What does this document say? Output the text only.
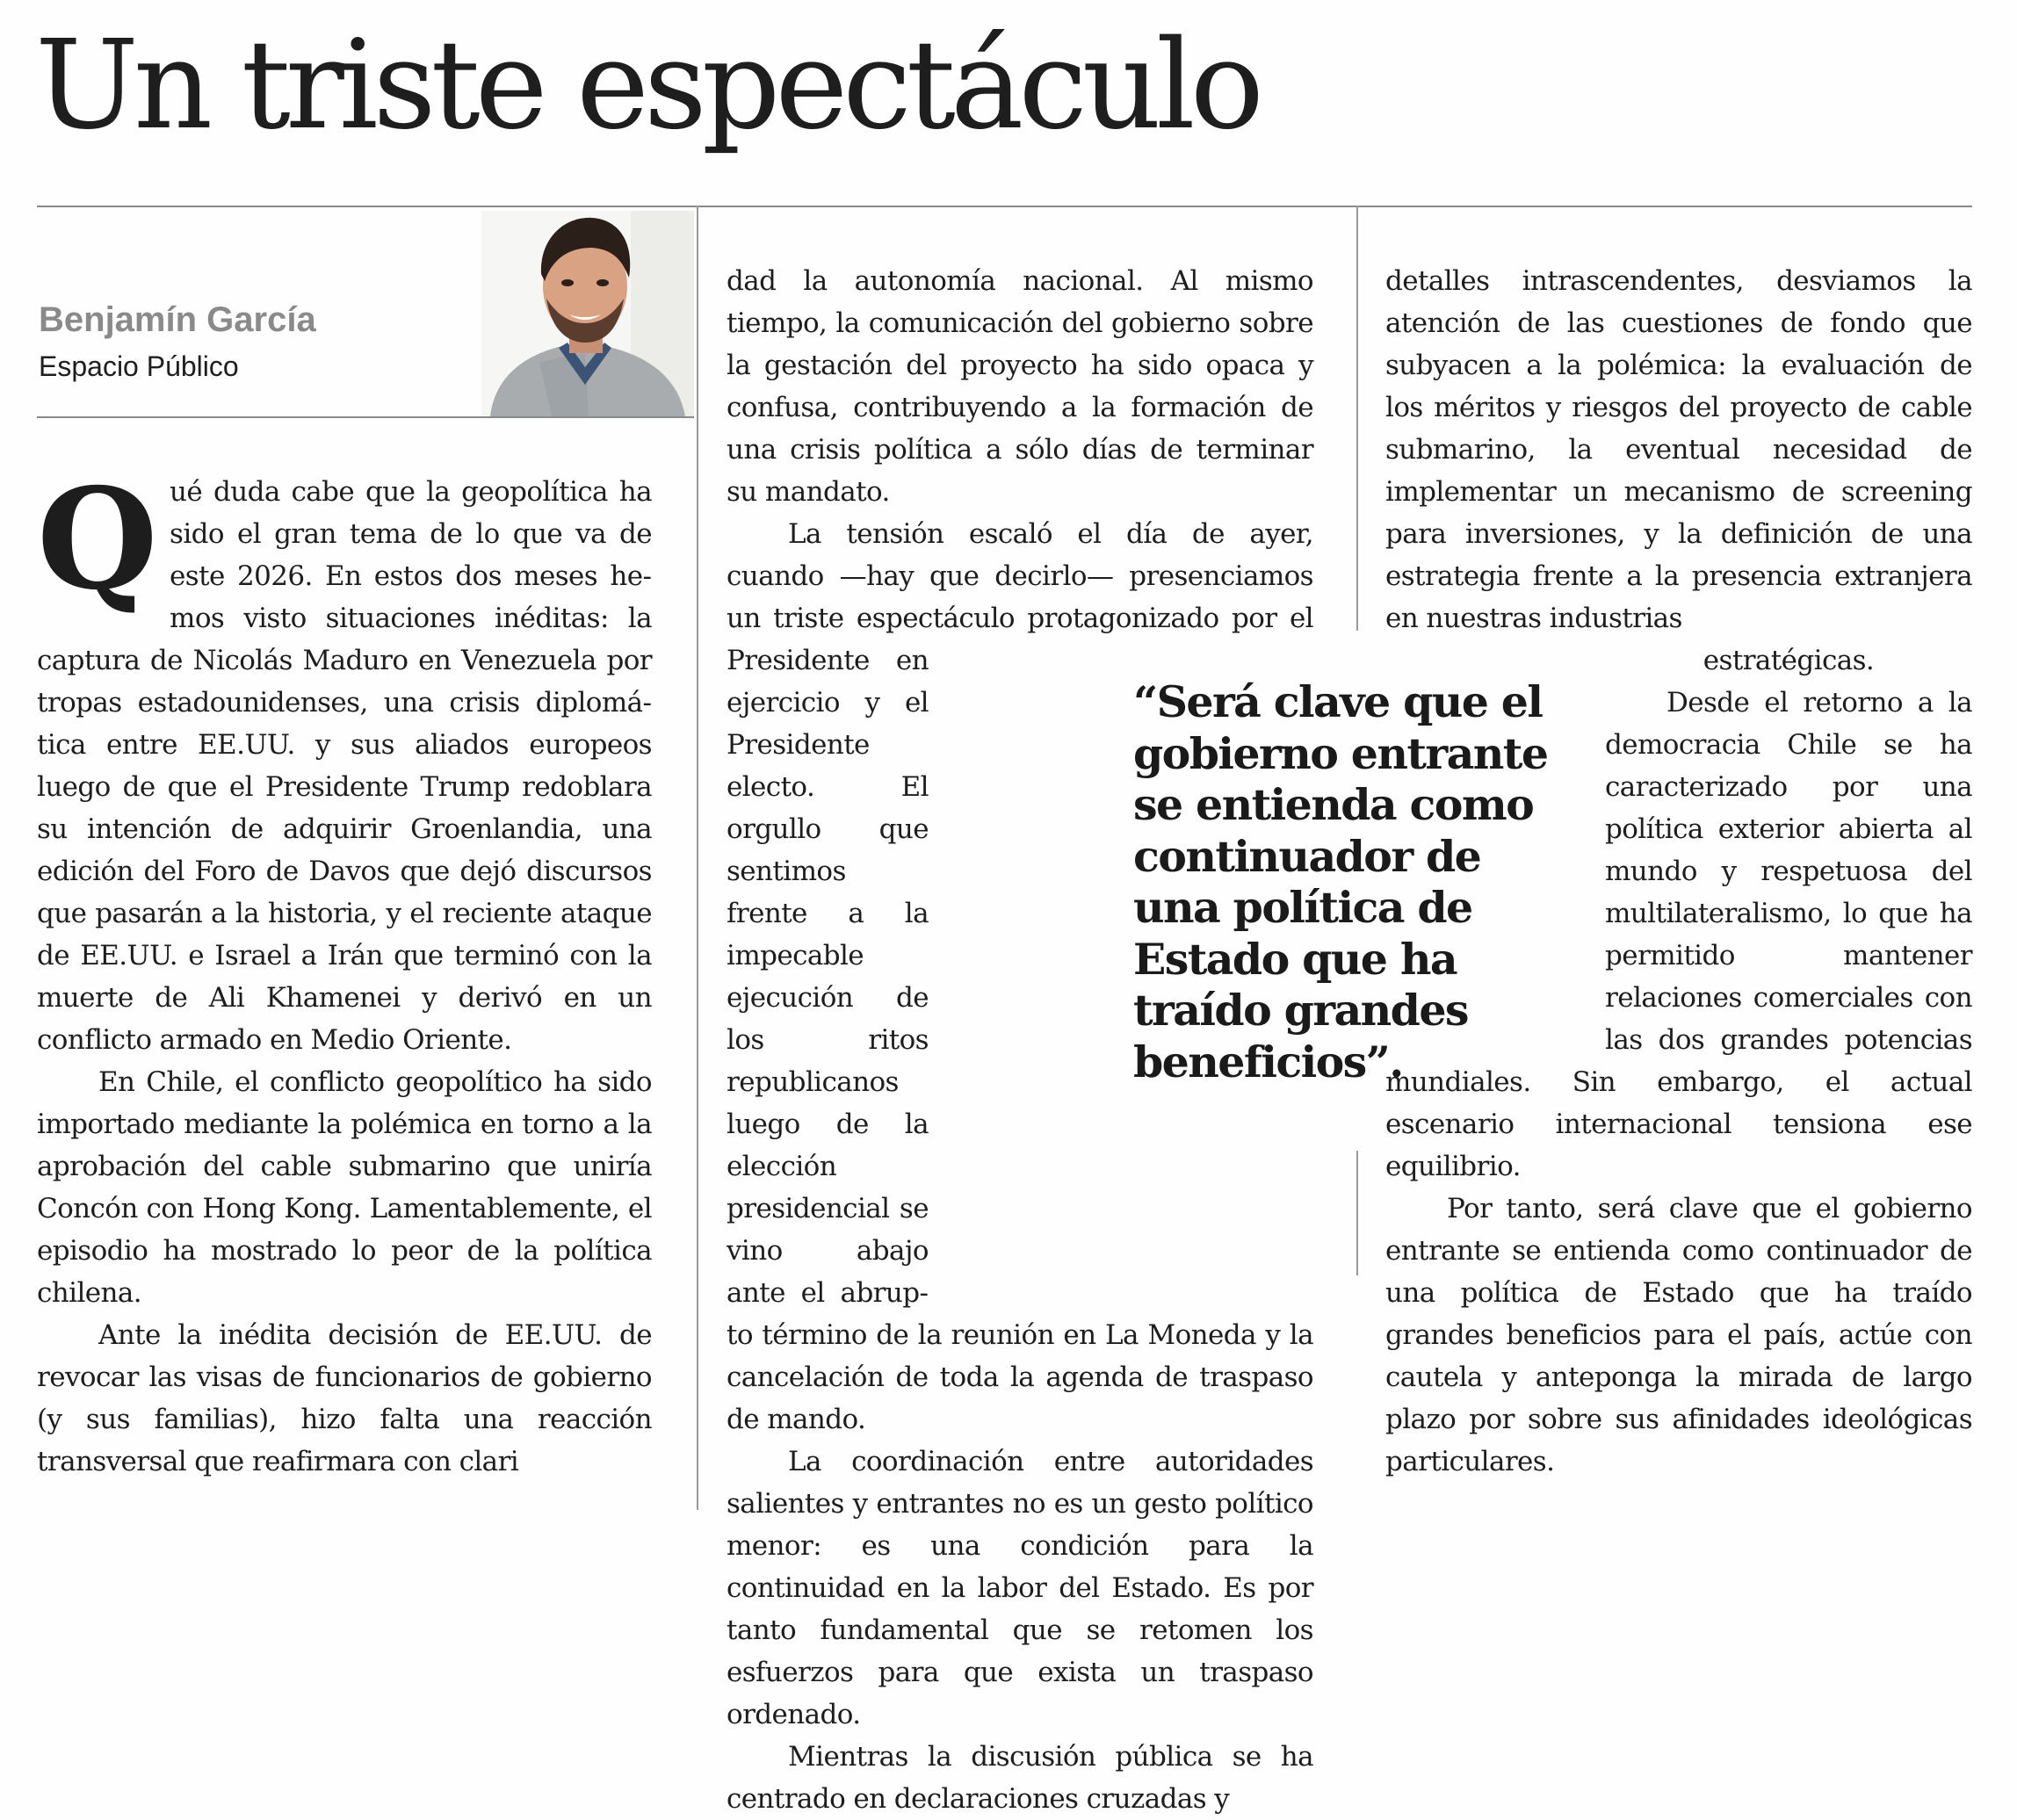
Un triste espectáculo

Benjamín García

Espacio Público

Q ué duda cabe que la geopolítica ha sido el gran tema de lo que va de este 2026. En estos dos meses hemos visto situaciones inéditas: la captura de Nicolás Maduro en Venezuela por tropas estadounidenses, una crisis diplomática entre EE.UU. y sus aliados europeos luego de que el Presidente Trump redoblara su intención de adquirir Groenlandia, una edición del Foro de Davos que dejó discursos que pasarán a la historia, y el reciente ataque de EE.UU. e Israel a Irán que terminó con la muerte de Ali Khamenei y derivó en un conflicto armado en Medio Oriente.

En Chile, el conflicto geopolítico ha sido importado mediante la polémica en torno a la aprobación del cable submarino que uniría Concón con Hong Kong. Lamentablemente, el episodio ha mostrado lo peor de la política chilena.

Ante la inédita decisión de EE.UU. de revocar las visas de funcionarios de gobierno (y sus familias), hizo falta una reacción transversal que reafirmara con clari

dad la autonomía nacional. Al mismo tiempo, la comunicación del gobierno sobre la gestación del proyecto ha sido opaca y confusa, contribuyendo a la formación de una crisis política a sólo días de terminar su mandato.

La tensión escaló el día de ayer, cuando —hay que decirlo— presenciamos un triste espectáculo protagonizado
por el Presidente en ejercicio y el Presidente electo. El orgullo que sentimos frente a la impecable ejecución de los ritos republicanos luego de la elección presidencial se vino abajo ante el abrupto término de la reunión en La Moneda y la cancelación de toda la agenda de traspaso de mando.

La coordinación entre autoridades salientes y entrantes no es un gesto político menor: es una condición para la continuidad en la labor del Estado. Es por tanto fundamental que se retomen los esfuerzos para que exista un traspaso ordenado.

Mientras la discusión pública se ha centrado en declaraciones cruzadas y

detalles intrascendentes, desviamos la atención de las cuestiones de fondo que subyacen a la polémica: la evaluación de los méritos y riesgos del proyecto de cable submarino, la eventual necesidad de implementar un mecanismo de screening para inversiones, y la definición de una estrategia frente a la presencia extranjera en nuestras industrias

estratégicas.

Desde el retorno a la democracia Chile se ha caracterizado por una política exterior abierta al mundo y respetuosa del multilateralismo, lo que ha permitido mantener relaciones comerciales con las dos grandes potencias mundiales. Sin embargo, el actual escenario internacional tensiona ese equilibrio.

Por tanto, será clave que el gobierno entrante se entienda como continuador de una política de Estado que ha traído grandes beneficios para el país, actúe con cautela y anteponga la mirada de largo plazo por sobre sus afinidades ideológicas particulares.

“Será clave que el gobierno entrante se entienda como continuador de una política de Estado que ha traído grandes beneficios”.
